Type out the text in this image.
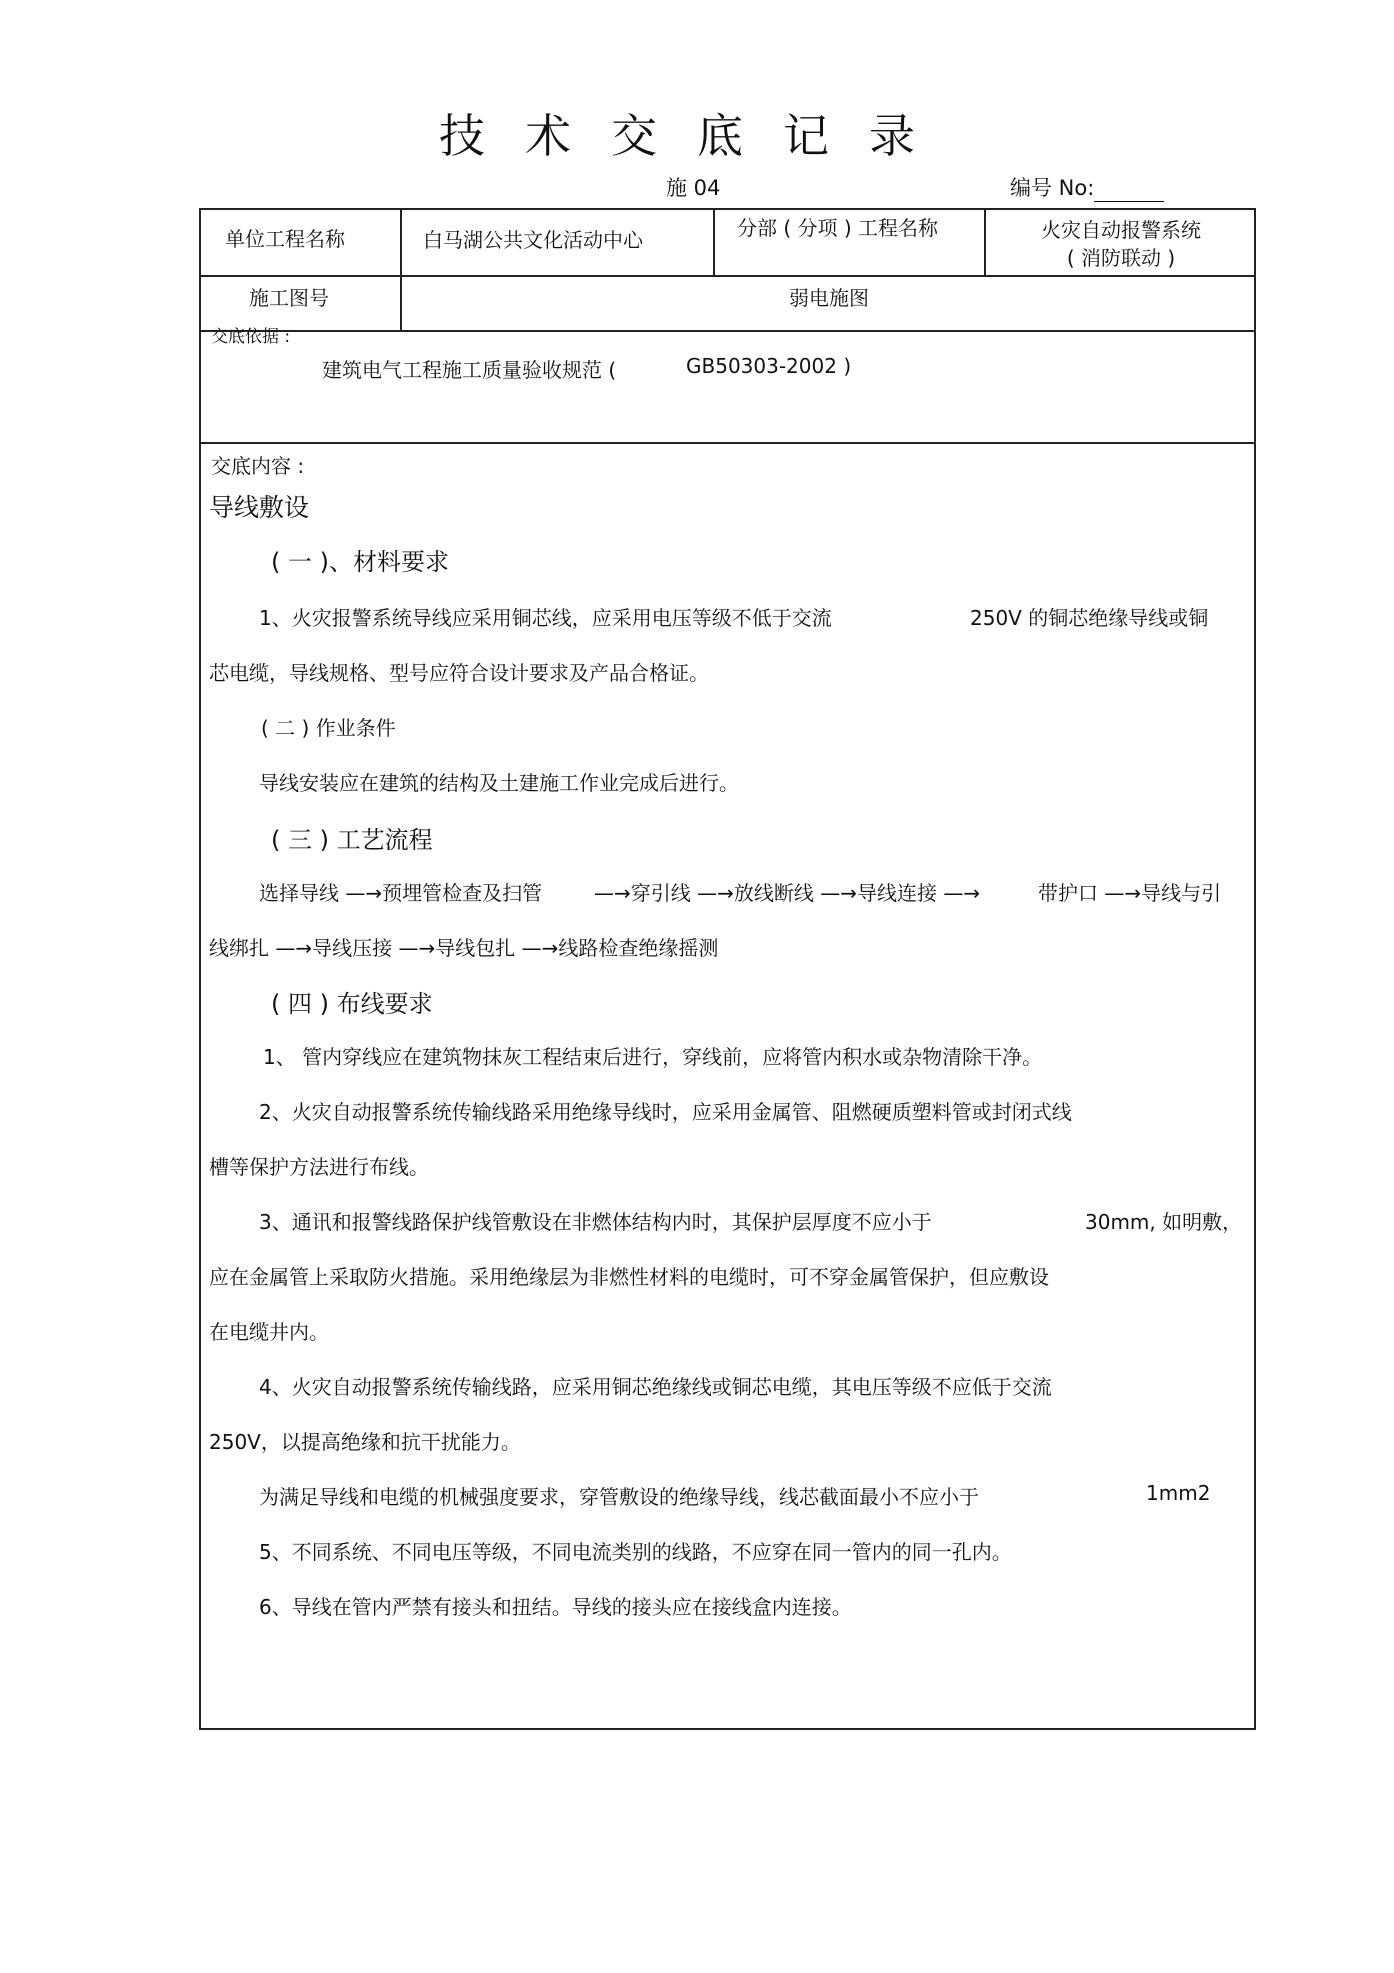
技术交底记录
施 04	编号 No:
单位工程名称	白马湖公共文化活动中心	分部 ( 分项 ) 工程名称	火灾自动报警系统
( 消防联动 )
施工图号	弱电施图
交底依据 :
建筑电气工程施工质量验收规范 (	GB50303-2002 )
交底内容 :
导线敷设
( 一 )、材料要求
1、火灾报警系统导线应采用铜芯线，应采用电压等级不低于交流	250V 的铜芯绝缘导线或铜
芯电缆，导线规格、型号应符合设计要求及产品合格证。
( 二 ) 作业条件
导线安装应在建筑的结构及土建施工作业完成后进行。
( 三 ) 工艺流程
选择导线 —→预埋管检查及扫管	—→穿引线 —→放线断线 —→导线连接 —→	带护口 —→导线与引
线绑扎 —→导线压接 —→导线包扎 —→线路检查绝缘摇测
( 四 ) 布线要求
1、 管内穿线应在建筑物抹灰工程结束后进行，穿线前，应将管内积水或杂物清除干净。
2、火灾自动报警系统传输线路采用绝缘导线时，应采用金属管、阻燃硬质塑料管或封闭式线
槽等保护方法进行布线。
3、通讯和报警线路保护线管敷设在非燃体结构内时，其保护层厚度不应小于	30mm, 如明敷，
应在金属管上采取防火措施。采用绝缘层为非燃性材料的电缆时，可不穿金属管保护，但应敷设
在电缆井内。
4、火灾自动报警系统传输线路，应采用铜芯绝缘线或铜芯电缆，其电压等级不应低于交流
250V，以提高绝缘和抗干扰能力。
为满足导线和电缆的机械强度要求，穿管敷设的绝缘导线，线芯截面最小不应小于	1mm2
5、不同系统、不同电压等级，不同电流类别的线路，不应穿在同一管内的同一孔内。
6、导线在管内严禁有接头和扭结。导线的接头应在接线盒内连接。
